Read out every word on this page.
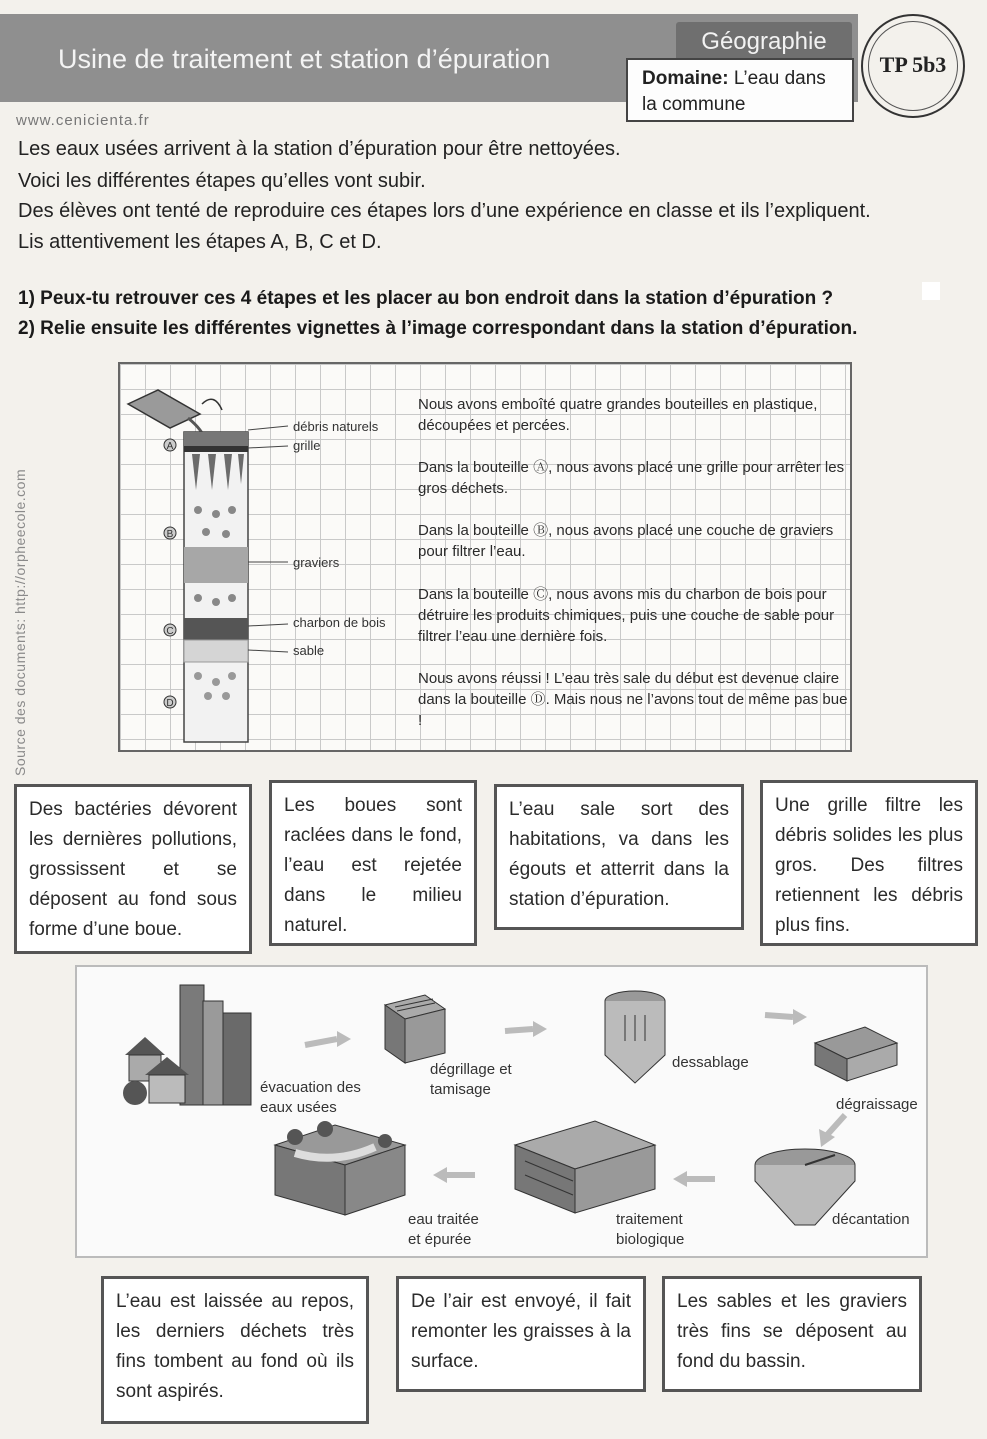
Usine de traitement et station d’épuration
Géographie
Domaine: L’eau dans la commune
TP 5b3
www.cenicienta.fr
Les eaux usées arrivent à la station d’épuration pour être nettoyées.
Voici les différentes étapes qu’elles vont subir.
Des élèves ont tenté de reproduire ces étapes lors d’une expérience en classe et ils l’expliquent.
Lis attentivement les étapes A, B, C et D.
1) Peux-tu retrouver ces 4 étapes et les placer au bon endroit dans la station d’épuration ?
2) Relie ensuite les différentes vignettes à l’image correspondant dans la station d’épuration.
Source des documents: http://orpheecole.com
A
B
C
D
débris naturels
grille
graviers
charbon de bois
sable
Nous avons emboîté quatre grandes bouteilles en plastique, découpées et percées.
Dans la bouteille Ⓐ, nous avons placé une grille pour arrêter les gros déchets.
Dans la bouteille Ⓑ, nous avons placé une couche de graviers pour filtrer l’eau.
Dans la bouteille Ⓒ, nous avons mis du charbon de bois pour détruire les produits chimiques, puis une couche de sable pour filtrer l’eau une dernière fois.
Nous avons réussi ! L’eau très sale du début est devenue claire dans la bouteille Ⓓ. Mais nous ne l’avons tout de même pas bue !
Des bactéries dévorent les dernières pollutions, grossissent et se déposent au fond sous forme d’une boue.
Les boues sont raclées dans le fond, l’eau est rejetée dans le milieu naturel.
L’eau sale sort des habitations, va dans les égouts et atterrit dans la station d’épuration.
Une grille filtre les débris solides les plus gros. Des filtres retiennent les débris plus fins.
évacuation des eaux usées
dégrillage et tamisage
dessablage
dégraissage
décantation
traitement biologique
eau traitée et épurée
L’eau est laissée au repos, les derniers déchets très fins tombent au fond où ils sont aspirés.
De l’air est envoyé, il fait remonter les graisses à la surface.
Les sables et les graviers très fins se déposent au fond du bassin.
